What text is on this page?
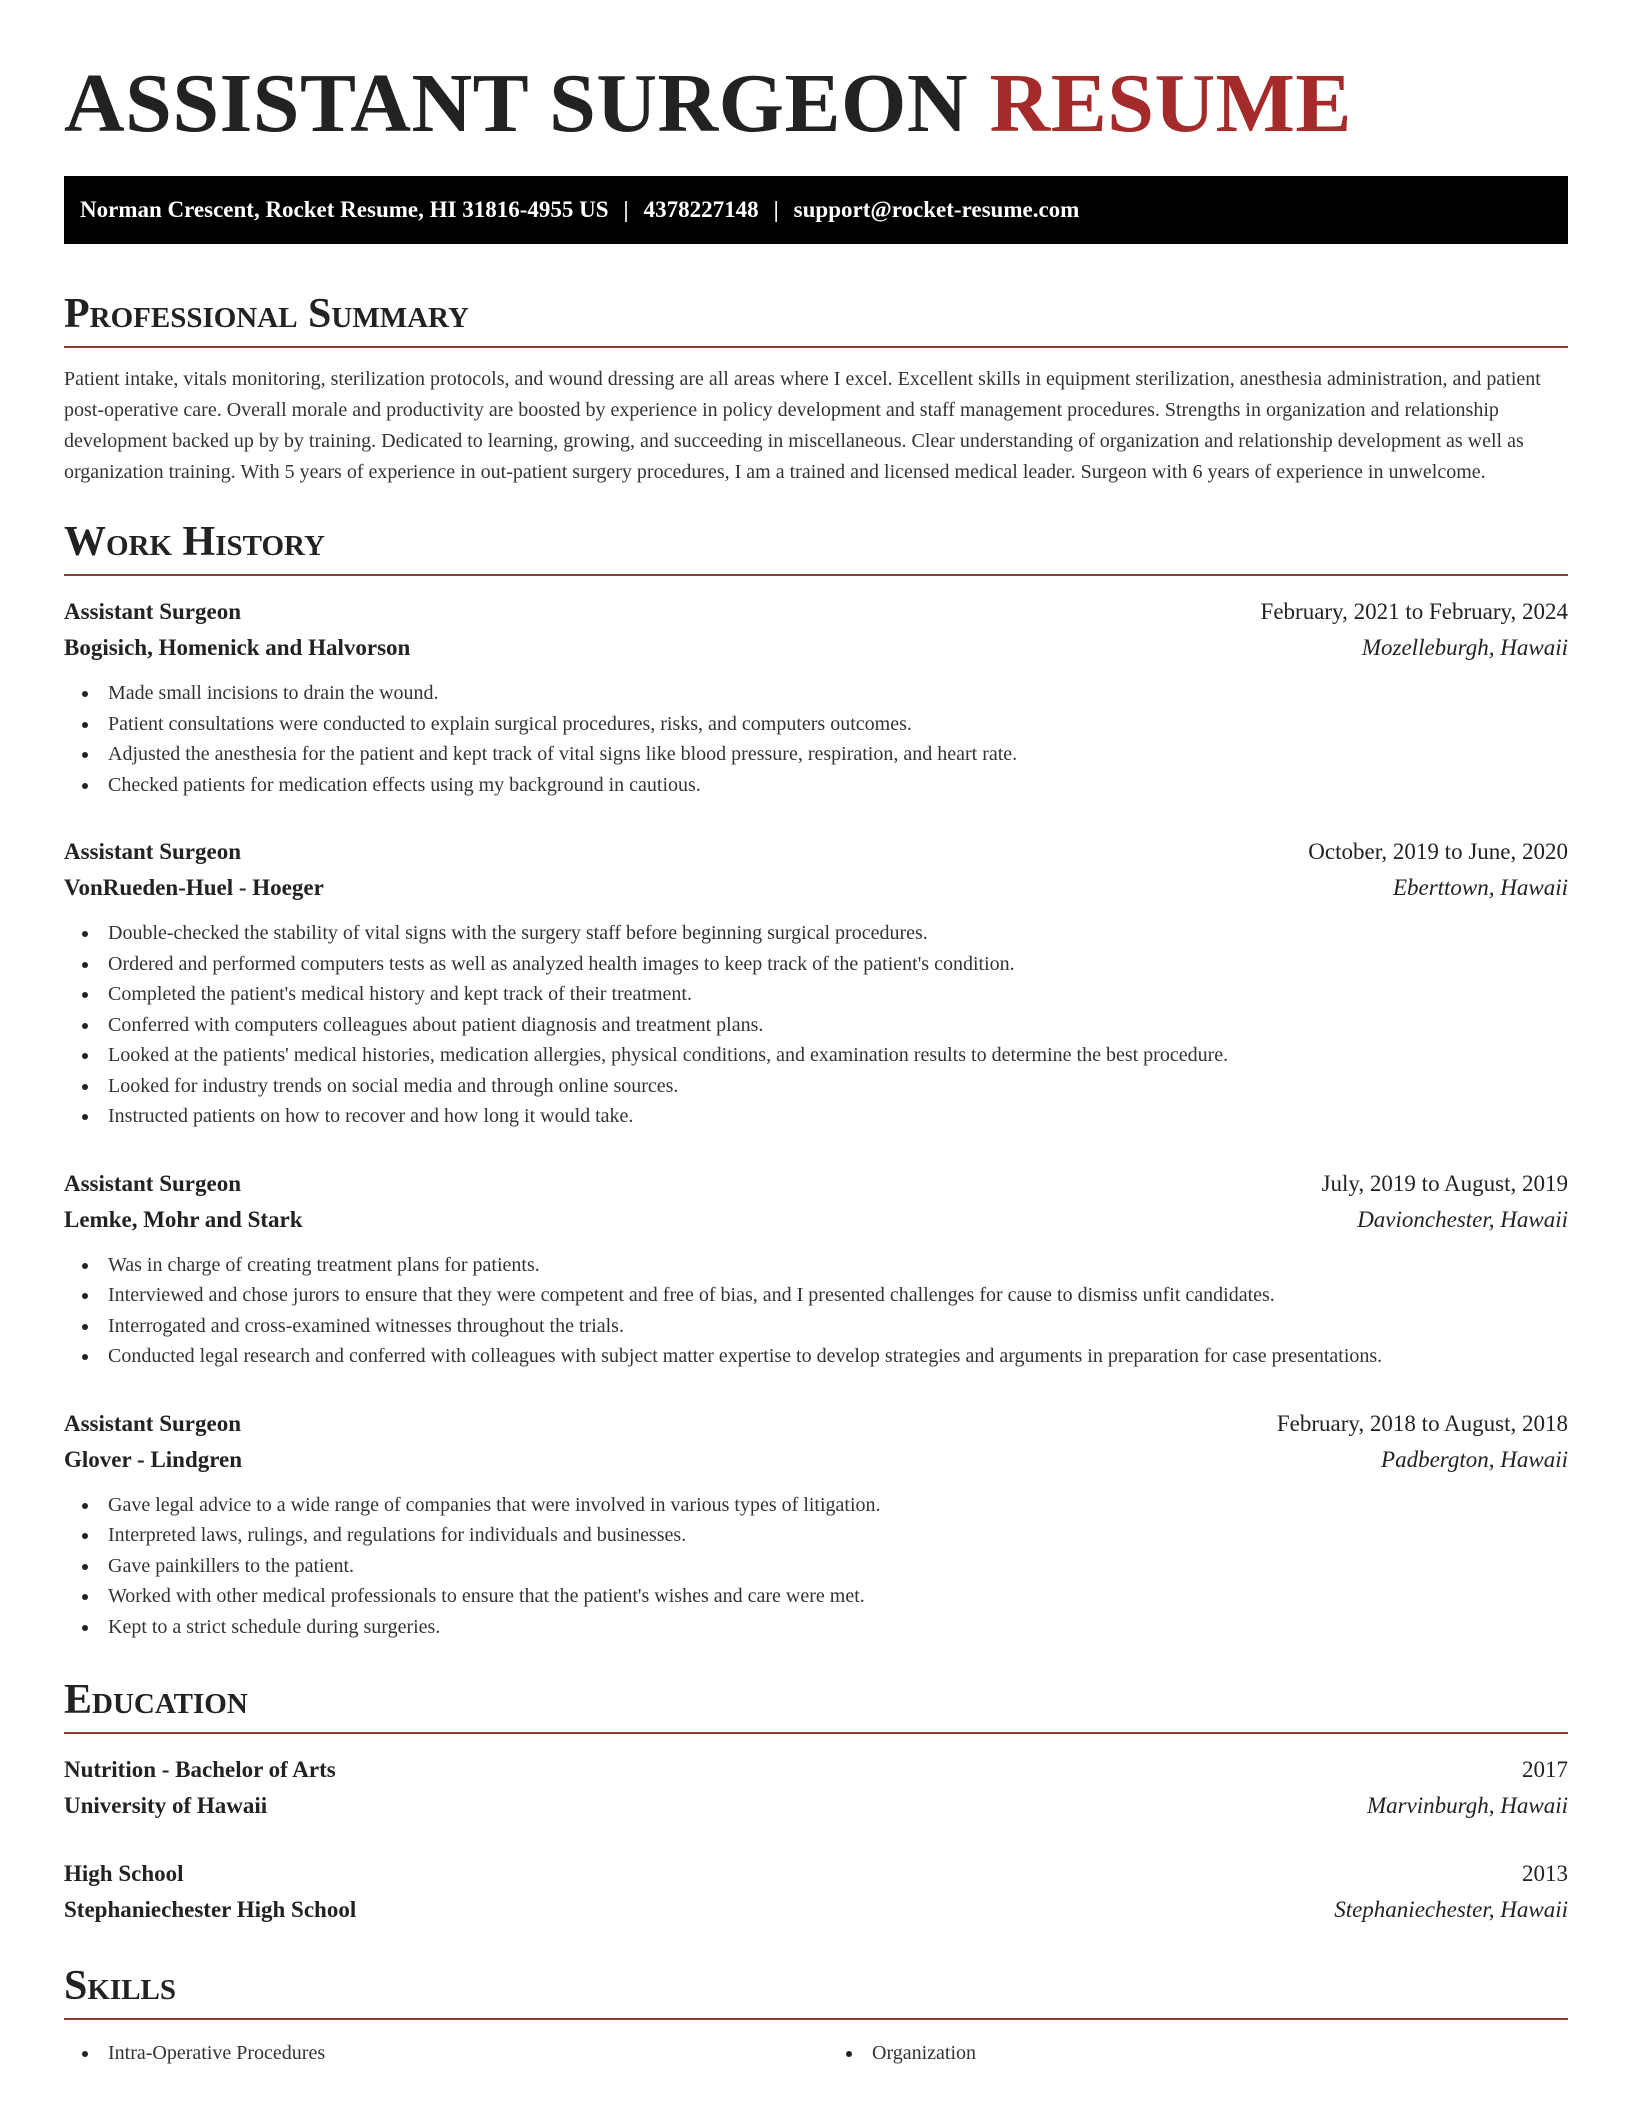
ASSISTANT SURGEON RESUME
Norman Crescent, Rocket Resume, HI 31816-4955 US | 4378227148 | support@rocket-resume.com
Professional Summary

Patient intake, vitals monitoring, sterilization protocols, and wound dressing are all areas where I excel. Excellent skills in equipment sterilization, anesthesia administration, and patient post-operative care. Overall morale and productivity are boosted by experience in policy development and staff management procedures. Strengths in organization and relationship development backed up by by training. Dedicated to learning, growing, and succeeding in miscellaneous. Clear understanding of organization and relationship development as well as organization training. With 5 years of experience in out-patient surgery procedures, I am a trained and licensed medical leader. Surgeon with 6 years of experience in unwelcome.

Work History
Assistant Surgeon	February, 2021 to February, 2024
Bogisich, Homenick and Halvorson	Mozelleburgh, Hawaii
Made small incisions to drain the wound.
Patient consultations were conducted to explain surgical procedures, risks, and computers outcomes.
Adjusted the anesthesia for the patient and kept track of vital signs like blood pressure, respiration, and heart rate.
Checked patients for medication effects using my background in cautious.
Assistant Surgeon	October, 2019 to June, 2020
VonRueden-Huel - Hoeger	Eberttown, Hawaii
Double-checked the stability of vital signs with the surgery staff before beginning surgical procedures.
Ordered and performed computers tests as well as analyzed health images to keep track of the patient's condition.
Completed the patient's medical history and kept track of their treatment.
Conferred with computers colleagues about patient diagnosis and treatment plans.
Looked at the patients' medical histories, medication allergies, physical conditions, and examination results to determine the best procedure.
Looked for industry trends on social media and through online sources.
Instructed patients on how to recover and how long it would take.
Assistant Surgeon	July, 2019 to August, 2019
Lemke, Mohr and Stark	Davionchester, Hawaii
Was in charge of creating treatment plans for patients.
Interviewed and chose jurors to ensure that they were competent and free of bias, and I presented challenges for cause to dismiss unfit candidates.
Interrogated and cross-examined witnesses throughout the trials.
Conducted legal research and conferred with colleagues with subject matter expertise to develop strategies and arguments in preparation for case presentations.
Assistant Surgeon	February, 2018 to August, 2018
Glover - Lindgren	Padbergton, Hawaii
Gave legal advice to a wide range of companies that were involved in various types of litigation.
Interpreted laws, rulings, and regulations for individuals and businesses.
Gave painkillers to the patient.
Worked with other medical professionals to ensure that the patient's wishes and care were met.
Kept to a strict schedule during surgeries.
Education
Nutrition - Bachelor of Arts	2017
University of Hawaii	Marvinburgh, Hawaii
High School	2013
Stephaniechester High School	Stephaniechester, Hawaii
Skills
Intra-Operative Procedures	Organization
